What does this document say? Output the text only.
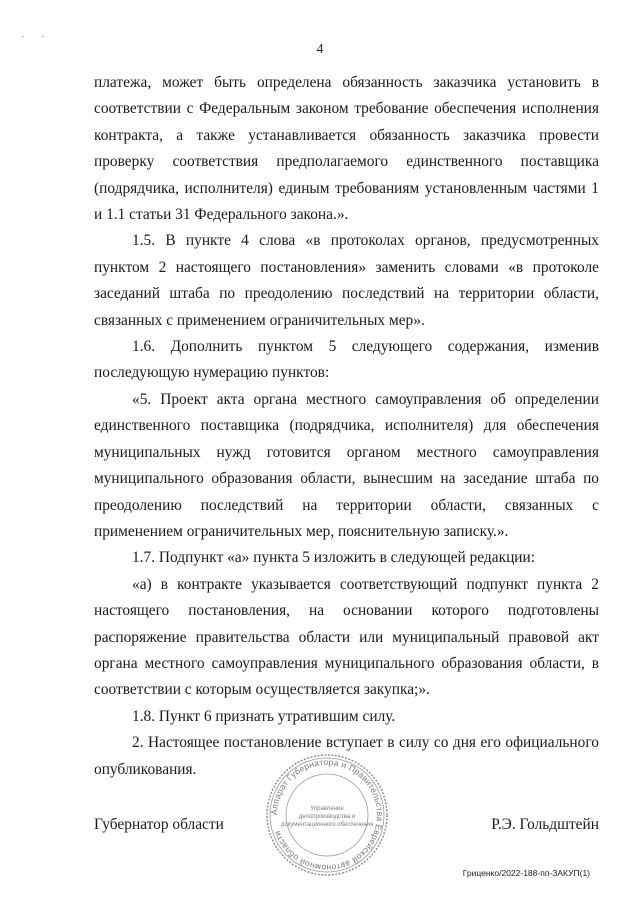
. .
4

платежа, может быть определена обязанность заказчика установить в соответствии с Федеральным законом требование обеспечения исполнения контракта, а также устанавливается обязанность заказчика провести проверку соответствия предполагаемого единственного поставщика (подрядчика, исполнителя) единым требованиям установленным частями 1 и 1.1 статьи 31 Федерального закона.».

1.5. В пункте 4 слова «в протоколах органов, предусмотренных пунктом 2 настоящего постановления» заменить словами «в протоколе заседаний штаба по преодолению последствий на территории области, связанных с применением ограничительных мер».

1.6. Дополнить пунктом 5 следующего содержания, изменив последующую нумерацию пунктов:

«5. Проект акта органа местного самоуправления об определении единственного поставщика (подрядчика, исполнителя) для обеспечения муниципальных нужд готовится органом местного самоуправления муниципального образования области, вынесшим на заседание штаба по преодолению последствий на территории области, связанных с применением ограничительных мер, пояснительную записку.».

1.7. Подпункт «а» пункта 5 изложить в следующей редакции:

«а) в контракте указывается соответствующий подпункт пункта 2 настоящего постановления, на основании которого подготовлены распоряжение правительства области или муниципальный правовой акт органа местного самоуправления муниципального образования области, в соответствии с которым осуществляется закупка;».

1.8. Пункт 6 признать утратившим силу.

2. Настоящее постановление вступает в силу со дня его официального опубликования.

Аппарат Губернатора и Правительства Еврейской автономной области
Управление
делопроизводства и
документационного обеспечения
Губернатор области	Р.Э. Гольдштейн
Гриценко/2022-188-пп-ЗАКУП(1)
